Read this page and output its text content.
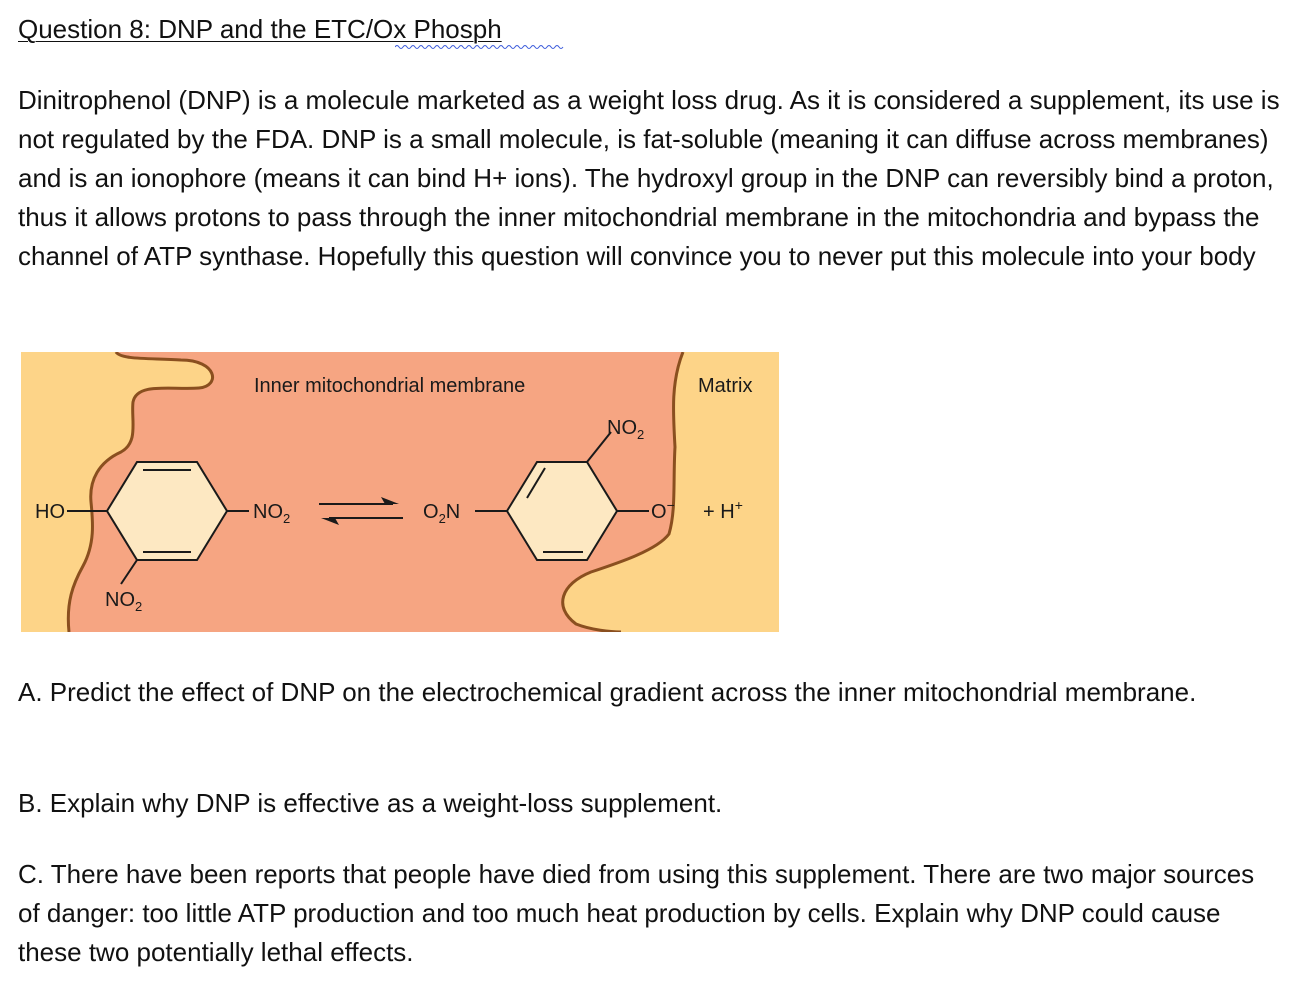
Question 8: DNP and the ETC/Ox Phosph

Dinitrophenol (DNP) is a molecule marketed as a weight loss drug. As it is considered a supplement, its use is not regulated by the FDA. DNP is a small molecule, is fat-soluble (meaning it can diffuse across membranes) and is an ionophore (means it can bind H+ ions). The hydroxyl group in the DNP can reversibly bind a proton, thus it allows protons to pass through the inner mitochondrial membrane in the mitochondria and bypass the channel of ATP synthase. Hopefully this question will convince you to never put this molecule into your body

Inner mitochondrial membrane	Matrix
HO	$NO_2$
$NO_2$
$O_2N$
$NO_2$
O− + H+

A. Predict the effect of DNP on the electrochemical gradient across the inner mitochondrial membrane.

B. Explain why DNP is effective as a weight-loss supplement.

C. There have been reports that people have died from using this supplement. There are two major sources of danger: too little ATP production and too much heat production by cells. Explain why DNP could cause these two potentially lethal effects.
